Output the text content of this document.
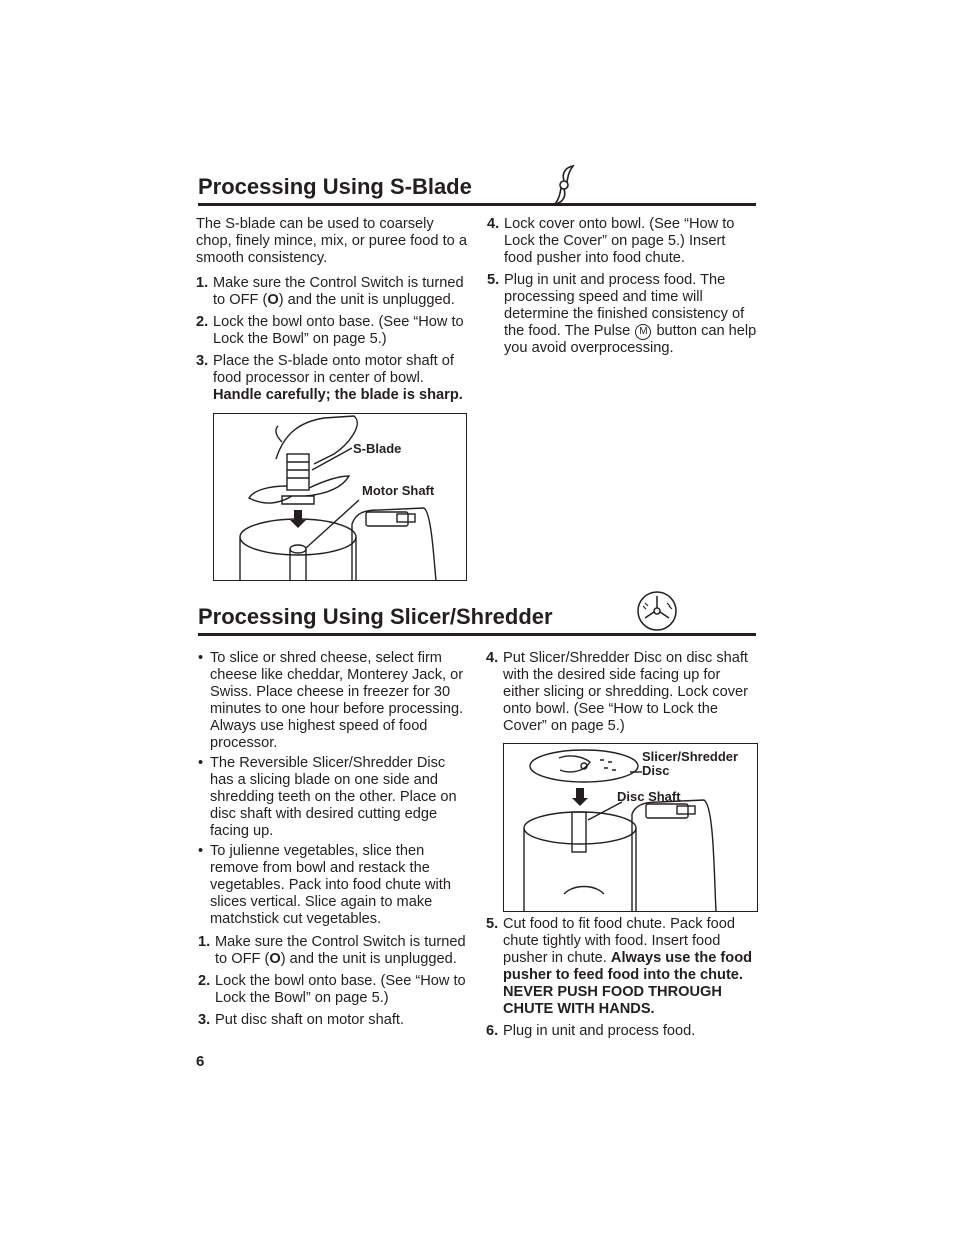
Processing Using S-Blade

The S-blade can be used to coarsely chop, finely mince, mix, or puree food to a smooth consistency.

1. Make sure the Control Switch is turned to OFF (O) and the unit is unplugged.
2. Lock the bowl onto base. (See “How to Lock the Bowl” on page 5.)
3. Place the S-blade onto motor shaft of food processor in center of bowl. Handle carefully; the blade is sharp.
4. Lock cover onto bowl. (See “How to Lock the Cover” on page 5.) Insert food pusher into food chute.
5. Plug in unit and process food. The processing speed and time will determine the finished consistency of the food. The Pulse M button can help you avoid overprocessing.
S-Blade
Motor Shaft
Processing Using Slicer/Shredder
• To slice or shred cheese, select firm cheese like cheddar, Monterey Jack, or Swiss. Place cheese in freezer for 30 minutes to one hour before processing. Always use highest speed of food processor.
• The Reversible Slicer/Shredder Disc has a slicing blade on one side and shredding teeth on the other. Place on disc shaft with desired cutting edge facing up.
• To julienne vegetables, slice then remove from bowl and restack the vegetables. Pack into food chute with slices vertical. Slice again to make matchstick cut vegetables.
1. Make sure the Control Switch is turned to OFF (O) and the unit is unplugged.
2. Lock the bowl onto base. (See “How to Lock the Bowl” on page 5.)
3. Put disc shaft on motor shaft.
4. Put Slicer/Shredder Disc on disc shaft with the desired side facing up for either slicing or shredding. Lock cover onto bowl. (See “How to Lock the Cover” on page 5.)
Slicer/Shredder Disc
Disc Shaft
5. Cut food to fit food chute. Pack food chute tightly with food. Insert food pusher in chute. Always use the food pusher to feed food into the chute. NEVER PUSH FOOD THROUGH CHUTE WITH HANDS.
6. Plug in unit and process food.
6
